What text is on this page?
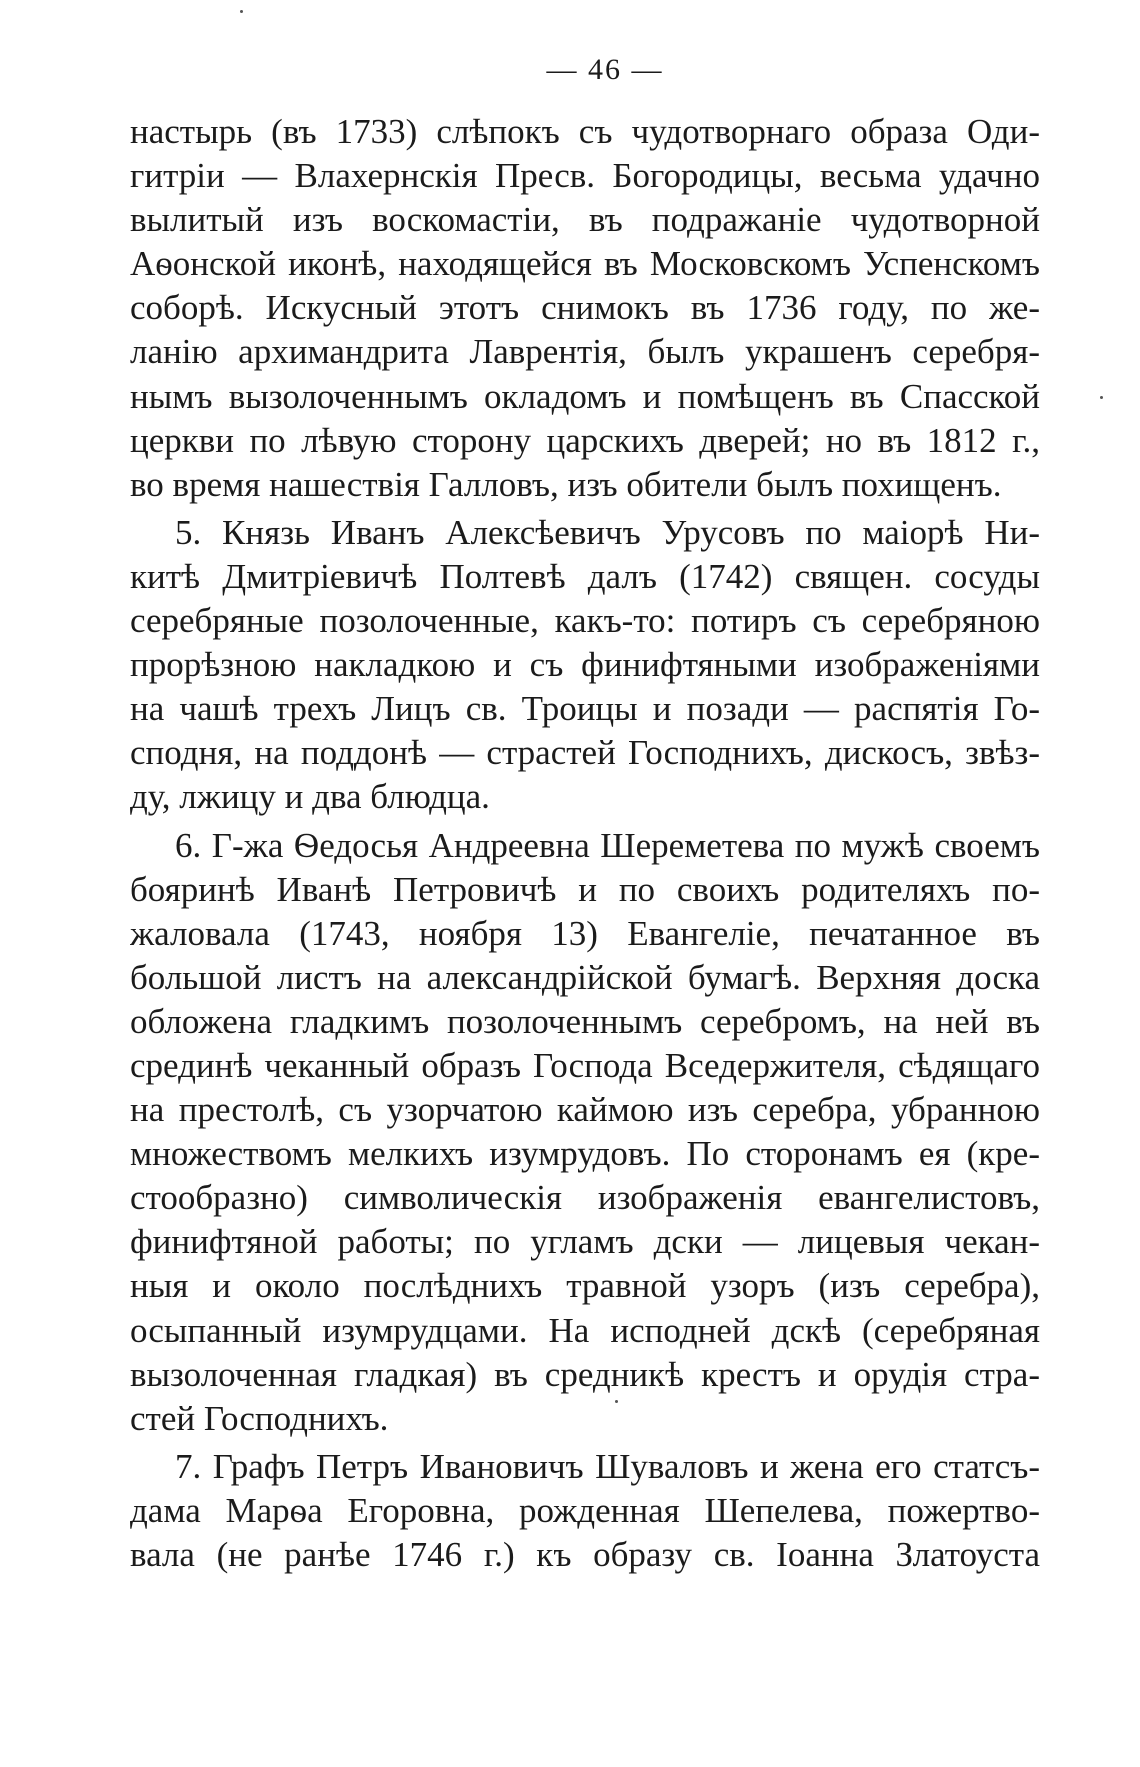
— 46 —
настырь (въ 1733) слѣпокъ съ чудотворнаго образа Оди-
гитріи — Влахернскія Пресв. Богородицы, весьма удачно
вылитый изъ воскомастіи, въ подражаніе чудотворной
Аѳонской иконѣ, находящейся въ Московскомъ Успенскомъ
соборѣ. Искусный этотъ снимокъ въ 1736 году, по же-
ланію архимандрита Лаврентія, былъ украшенъ серебря-
нымъ вызолоченнымъ окладомъ и помѣщенъ въ Спасской
церкви по лѣвую сторону царскихъ дверей; но въ 1812 г.,
во время нашествія Галловъ, изъ обители былъ похищенъ.
5. Князь Иванъ Алексѣевичъ Урусовъ по маіорѣ Ни-
китѣ Дмитріевичѣ Полтевѣ далъ (1742) священ. сосуды
серебряные позолоченные, какъ-то: потиръ съ серебряною
прорѣзною накладкою и съ финифтяными изображеніями
на чашѣ трехъ Лицъ св. Троицы и позади — распятія Го-
сподня, на поддонѣ — страстей Господнихъ, дискосъ, звѣз-
ду, лжицу и два блюдца.
6. Г-жа Ѳедосья Андреевна Шереметева по мужѣ своемъ
бояринѣ Иванѣ Петровичѣ и по своихъ родителяхъ по-
жаловала (1743, ноября 13) Евангеліе, печатанное въ
большой листъ на александрійской бумагѣ. Верхняя доска
обложена гладкимъ позолоченнымъ серебромъ, на ней въ
срединѣ чеканный образъ Господа Вседержителя, сѣдящаго
на престолѣ, съ узорчатою каймою изъ серебра, убранною
множествомъ мелкихъ изумрудовъ. По сторонамъ ея (кре-
стообразно) символическія изображенія евангелистовъ,
финифтяной работы; по угламъ дски — лицевыя чекан-
ныя и около послѣднихъ травной узоръ (изъ серебра),
осыпанный изумрудцами. На исподней дскѣ (серебряная
вызолоченная гладкая) въ средникѣ крестъ и орудія стра-
стей Господнихъ.
7. Графъ Петръ Ивановичъ Шуваловъ и жена его статсъ-
дама Марѳа Егоровна, рожденная Шепелева, пожертво-
вала (не ранѣе 1746 г.) къ образу св. Іоанна Златоуста
